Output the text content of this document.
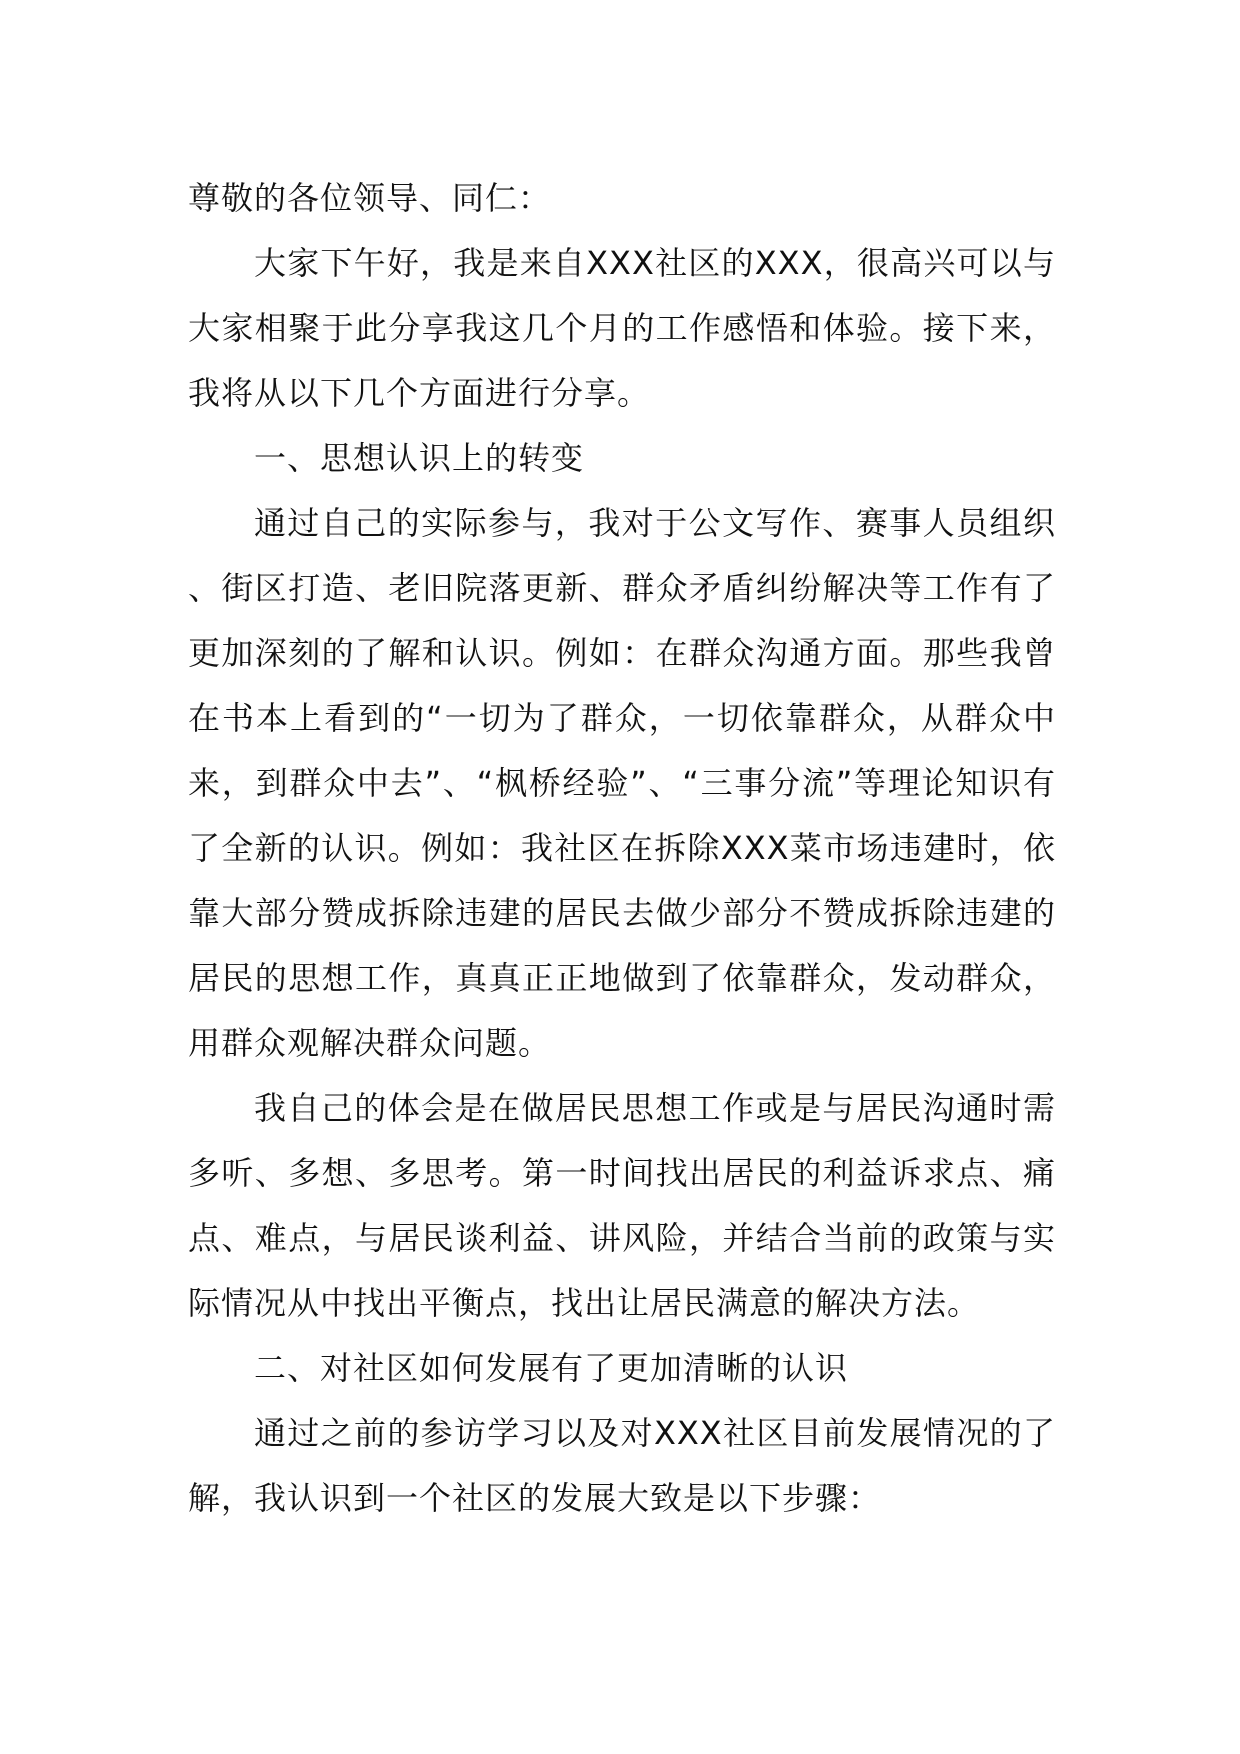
尊敬的各位领导、同仁：

大家下午好，我是来自XXX社区的XXX，很高兴可以与大家相聚于此分享我这几个月的工作感悟和体验。接下来，我将从以下几个方面进行分享。

一、思想认识上的转变

通过自己的实际参与，我对于公文写作、赛事人员组织、街区打造、老旧院落更新、群众矛盾纠纷解决等工作有了更加深刻的了解和认识。例如：在群众沟通方面。那些我曾在书本上看到的“一切为了群众，一切依靠群众，从群众中来，到群众中去”、“枫桥经验”、“三事分流”等理论知识有了全新的认识。例如：我社区在拆除XXX菜市场违建时，依靠大部分赞成拆除违建的居民去做少部分不赞成拆除违建的居民的思想工作，真真正正地做到了依靠群众，发动群众，用群众观解决群众问题。

我自己的体会是在做居民思想工作或是与居民沟通时需多听、多想、多思考。第一时间找出居民的利益诉求点、痛点、难点，与居民谈利益、讲风险，并结合当前的政策与实际情况从中找出平衡点，找出让居民满意的解决方法。

二、对社区如何发展有了更加清晰的认识

通过之前的参访学习以及对XXX社区目前发展情况的了解，我认识到一个社区的发展大致是以下步骤：
